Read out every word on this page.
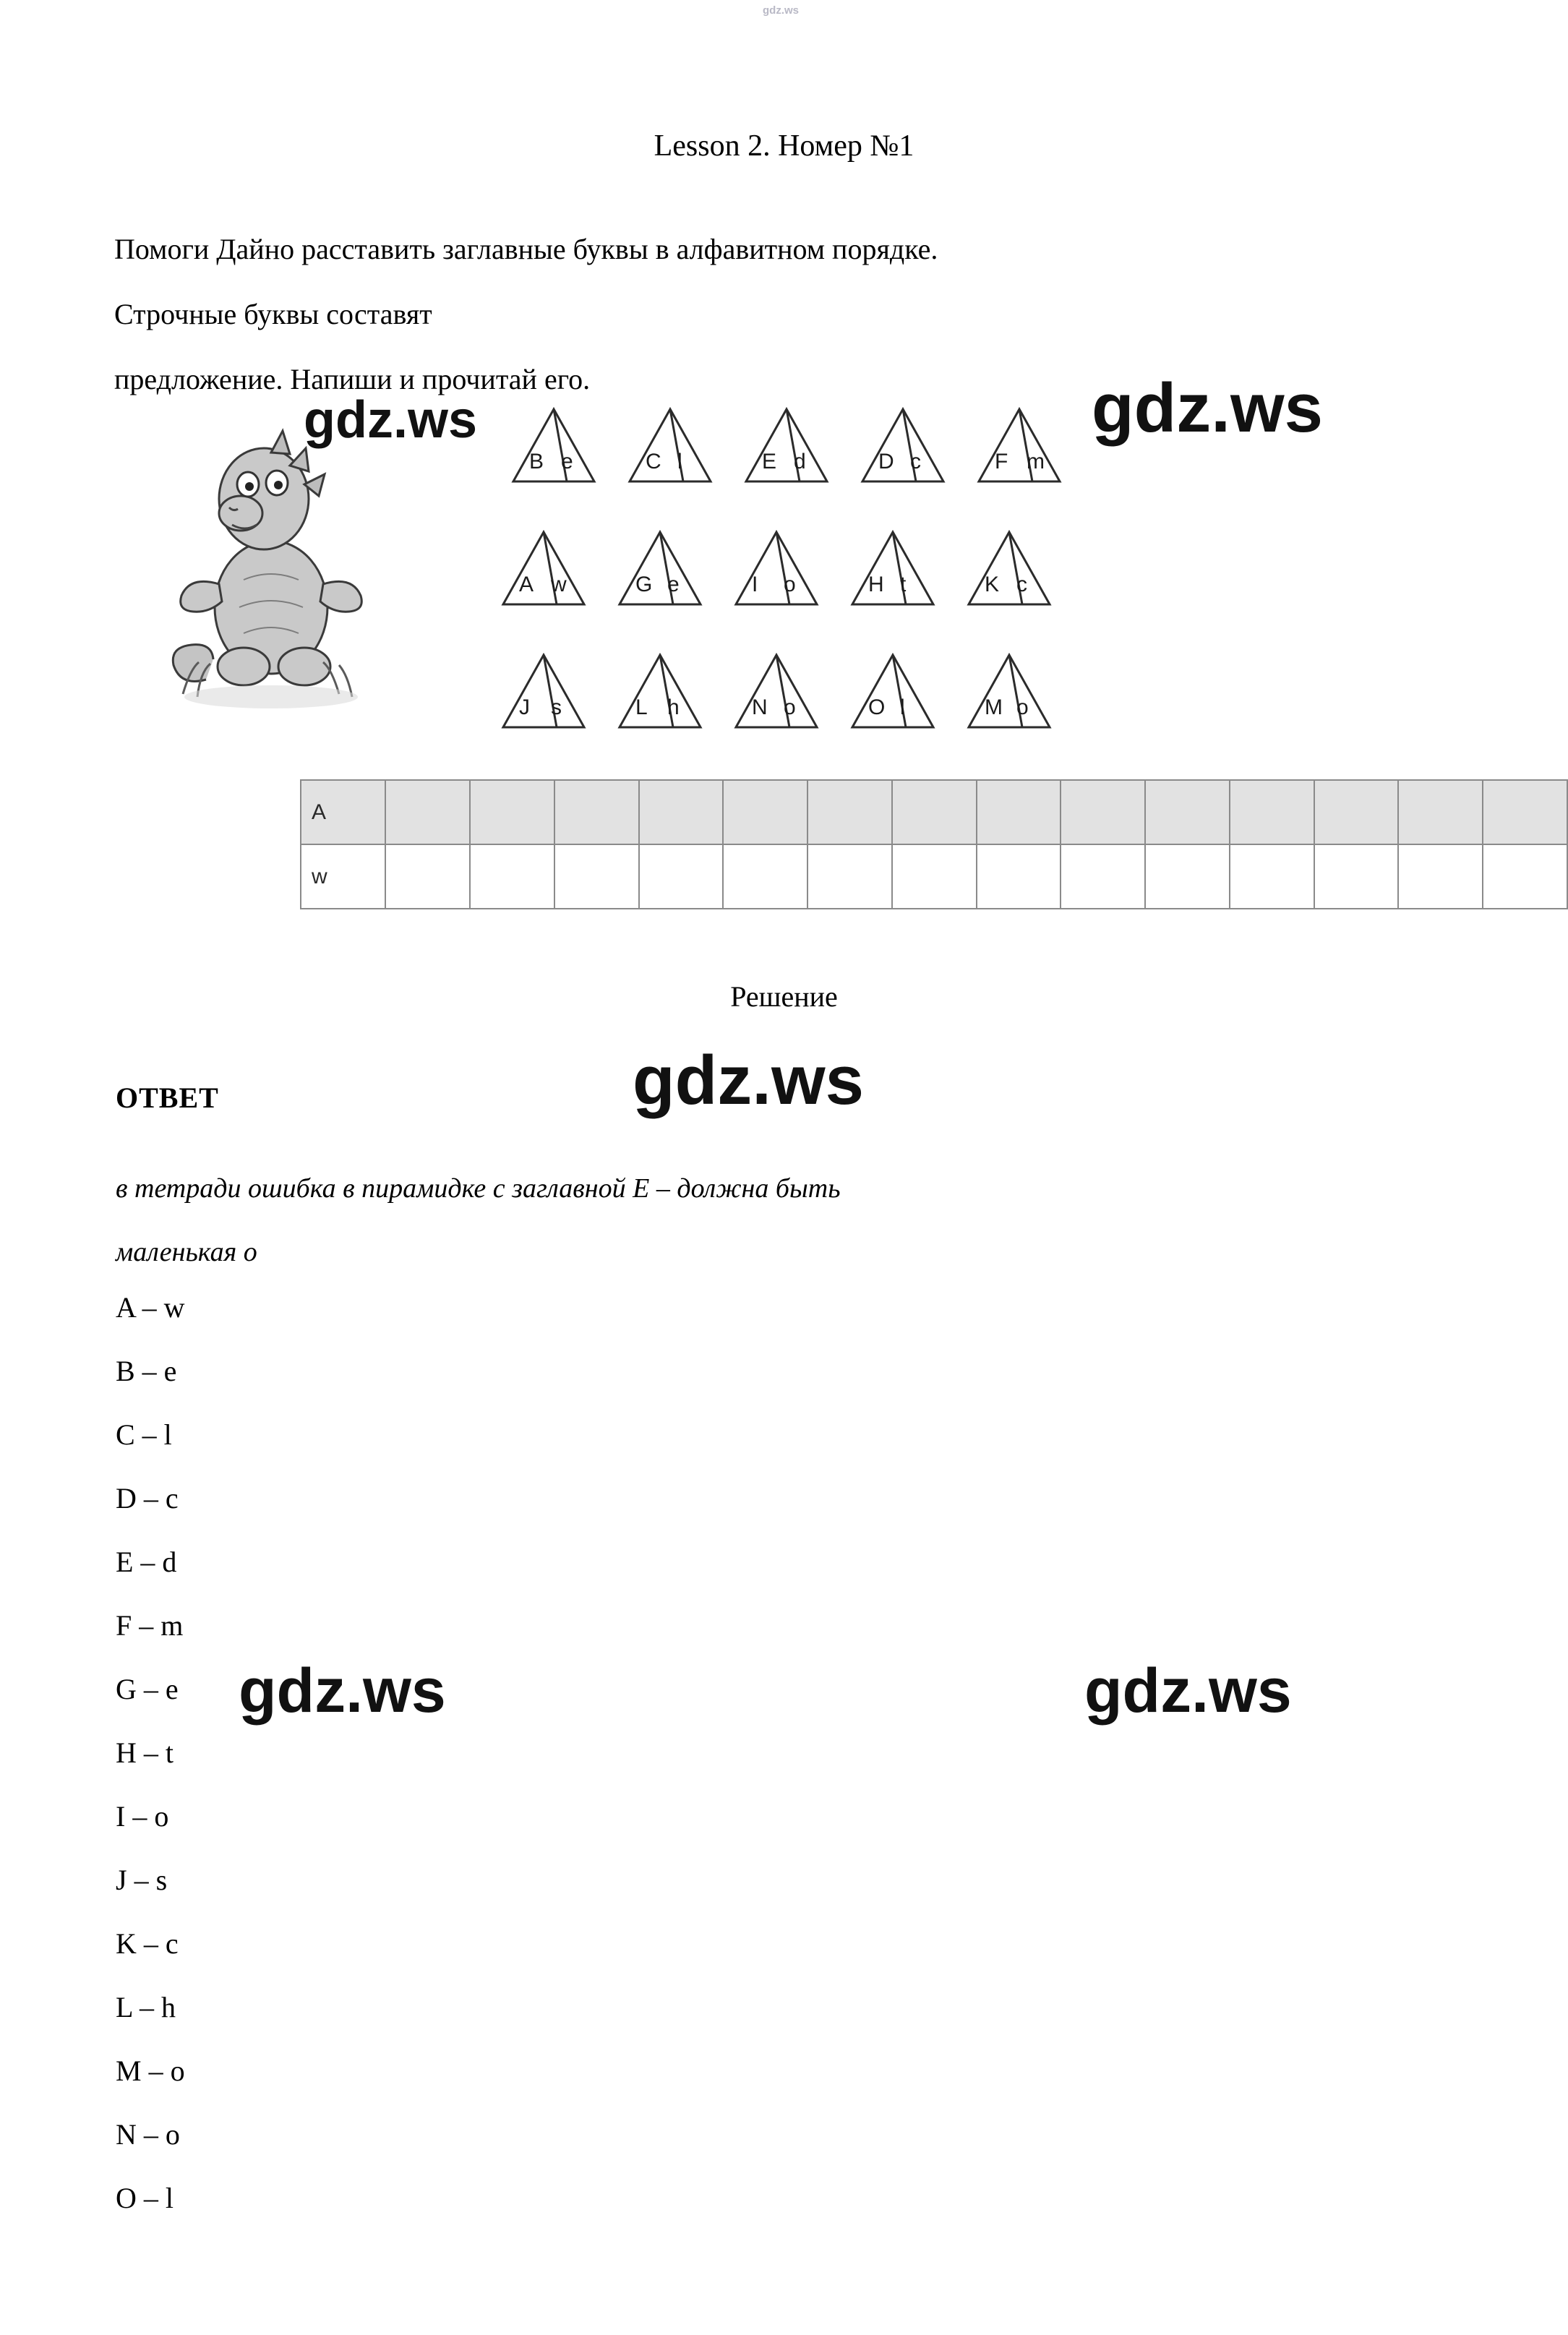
gdz.ws
Lesson 2. Номер №1
Помоги Дайно расставить заглавные буквы в алфавитном порядке.
Строчные буквы составят
предложение. Напиши и прочитай его.
B e	C l	E d	D c	F m
A w	G e	I o	H t	K c
J s	L h	N o	O l	M o
A														
w														
Решение
ОТВЕТ
в тетради ошибка в пирамидке с заглавной E – должна быть
маленькая o
A – w
B – e
C – l
D – c
E – d
F – m
G – e
H – t
I – o
J – s
K – c
L – h
M – o
N – o
O – l
gdz.ws	gdz.ws
gdz.ws
gdz.ws	gdz.ws
